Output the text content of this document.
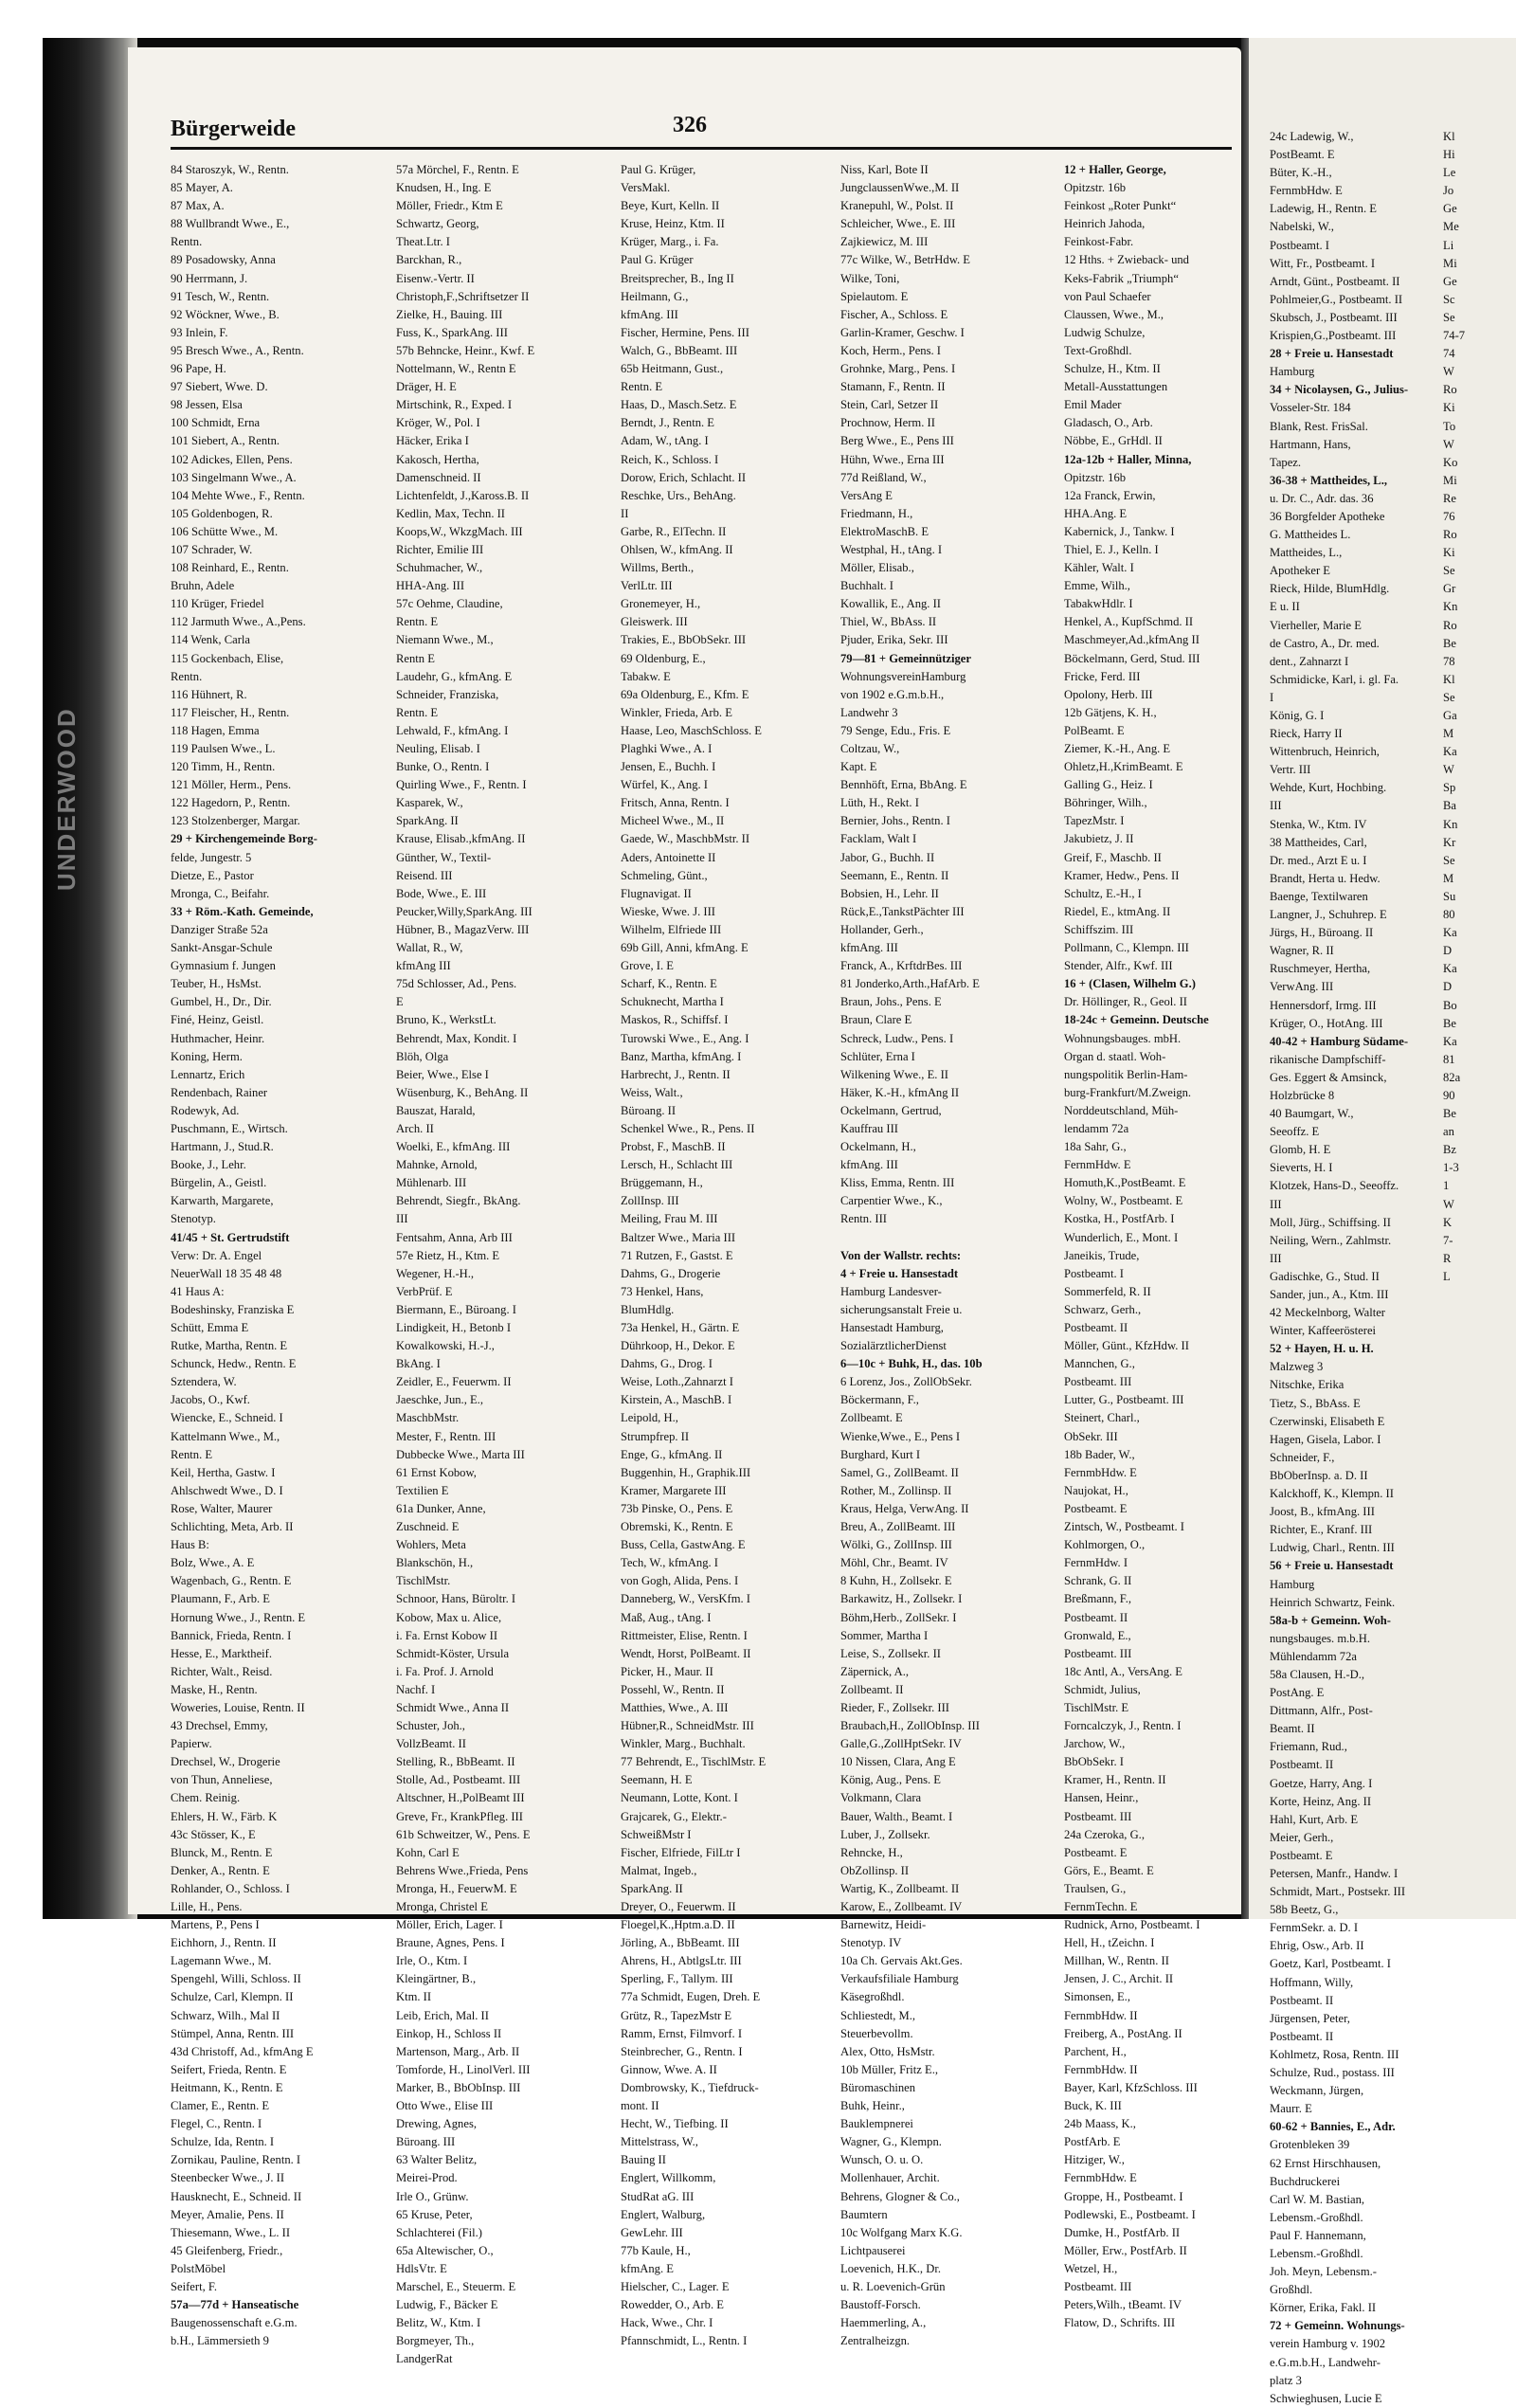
UNDERWOOD
Bürgerweide	326
84 Staroszyk, W., Rentn.
85 Mayer, A.
87 Max, A.
88 Wullbrandt Wwe., E.,
Rentn.
89 Posadowsky, Anna
90 Herrmann, J.
91 Tesch, W., Rentn.
92 Wöckner, Wwe., B.
93 Inlein, F.
95 Bresch Wwe., A., Rentn.
96 Pape, H.
97 Siebert, Wwe. D.
98 Jessen, Elsa
100 Schmidt, Erna
101 Siebert, A., Rentn.
102 Adickes, Ellen, Pens.
103 Singelmann Wwe., A.
104 Mehte Wwe., F., Rentn.
105 Goldenbogen, R.
106 Schütte Wwe., M.
107 Schrader, W.
108 Reinhard, E., Rentn.
Bruhn, Adele
110 Krüger, Friedel
112 Jarmuth Wwe., A.,Pens.
114 Wenk, Carla
115 Gockenbach, Elise,
Rentn.
116 Hühnert, R.
117 Fleischer, H., Rentn.
118 Hagen, Emma
119 Paulsen Wwe., L.
120 Timm, H., Rentn.
121 Möller, Herm., Pens.
122 Hagedorn, P., Rentn.
123 Stolzenberger, Margar.
29 + Kirchengemeinde Borg-
felde, Jungestr. 5
Dietze, E., Pastor
Mronga, C., Beifahr.
33 + Röm.-Kath. Gemeinde,
Danziger Straße 52a
Sankt-Ansgar-Schule
Gymnasium f. Jungen
Teuber, H., HsMst.
Gumbel, H., Dr., Dir.
Finé, Heinz, Geistl.
Huthmacher, Heinr.
Koning, Herm.
Lennartz, Erich
Rendenbach, Rainer
Rodewyk, Ad.
Puschmann, E., Wirtsch.
Hartmann, J., Stud.R.
Booke, J., Lehr.
Bürgelin, A., Geistl.
Karwarth, Margarete,
Stenotyp.
41/45 + St. Gertrudstift
Verw: Dr. A. Engel
NeuerWall 18 35 48 48
41 Haus A:
Bodeshinsky, Franziska E
Schütt, Emma E
Rutke, Martha, Rentn. E
Schunck, Hedw., Rentn. E
Sztendera, W.
Jacobs, O., Kwf.
Wiencke, E., Schneid. I
Kattelmann Wwe., M.,
Rentn. E
Keil, Hertha, Gastw. I
Ahlschwedt Wwe., D. I
Rose, Walter, Maurer
Schlichting, Meta, Arb. II
Haus B:
Bolz, Wwe., A. E
Wagenbach, G., Rentn. E
Plaumann, F., Arb. E
Hornung Wwe., J., Rentn. E
Bannick, Frieda, Rentn. I
Hesse, E., Marktheif.
Richter, Walt., Reisd.
Maske, H., Rentn.
Woweries, Louise, Rentn. II
43 Drechsel, Emmy,
Papierw.
Drechsel, W., Drogerie
von Thun, Anneliese,
Chem. Reinig.
Ehlers, H. W., Färb. K
43c Stösser, K., E
Blunck, M., Rentn. E
Denker, A., Rentn. E
Rohlander, O., Schloss. I
Lille, H., Pens.
Martens, P., Pens I
Eichhorn, J., Rentn. II
Lagemann Wwe., M.
Spengehl, Willi, Schloss. II
Schulze, Carl, Klempn. II
Schwarz, Wilh., Mal II
Stümpel, Anna, Rentn. III
43d Christoff, Ad., kfmAng E
Seifert, Frieda, Rentn. E
Heitmann, K., Rentn. E
Clamer, E., Rentn. E
Flegel, C., Rentn. I
Schulze, Ida, Rentn. I
Zornikau, Pauline, Rentn. I
Steenbecker Wwe., J. II
Hausknecht, E., Schneid. II
Meyer, Amalie, Pens. II
Thiesemann, Wwe., L. II
45 Gleifenberg, Friedr.,
PolstMöbel
Seifert, F.
57a—77d + Hanseatische
Baugenossenschaft e.G.m.
b.H., Lämmersieth 9
57a Mörchel, F., Rentn. E
Knudsen, H., Ing. E
Möller, Friedr., Ktm E
Schwartz, Georg,
Theat.Ltr. I
Barckhan, R.,
Eisenw.-Vertr. II
Christoph,F.,Schriftsetzer II
Zielke, H., Bauing. III
Fuss, K., SparkAng. III
57b Behncke, Heinr., Kwf. E
Nottelmann, W., Rentn E
Dräger, H. E
Mirtschink, R., Exped. I
Kröger, W., Pol. I
Häcker, Erika I
Kakosch, Hertha,
Damenschneid. II
Lichtenfeldt, J.,Kaross.B. II
Kedlin, Max, Techn. II
Koops,W., WkzgMach. III
Richter, Emilie III
Schuhmacher, W.,
HHA-Ang. III
57c Oehme, Claudine,
Rentn. E
Niemann Wwe., M.,
Rentn E
Laudehr, G., kfmAng. E
Schneider, Franziska,
Rentn. E
Lehwald, F., kfmAng. I
Neuling, Elisab. I
Bunke, O., Rentn. I
Quirling Wwe., F., Rentn. I
Kasparek, W.,
SparkAng. II
Krause, Elisab.,kfmAng. II
Günther, W., Textil-
Reisend. III
Bode, Wwe., E. III
Peucker,Willy,SparkAng. III
Hübner, B., MagazVerw. III
Wallat, R., W,
kfmAng III
75d Schlosser, Ad., Pens.
E
Bruno, K., WerkstLt.
Behrendt, Max, Kondit. I
Blöh, Olga
Beier, Wwe., Else I
Wüsenburg, K., BehAng. II
Bauszat, Harald,
Arch. II
Woelki, E., kfmAng. III
Mahnke, Arnold,
Mühlenarb. III
Behrendt, Siegfr., BkAng.
III
Fentsahm, Anna, Arb III
57e Rietz, H., Ktm. E
Wegener, H.-H.,
VerbPrüf. E
Biermann, E., Büroang. I
Lindigkeit, H., Betonb I
Kowalkowski, H.-J.,
BkAng. I
Zeidler, E., Feuerwm. II
Jaeschke, Jun., E.,
MaschbMstr.
Mester, F., Rentn. III
Dubbecke Wwe., Marta III
61 Ernst Kobow,
Textilien E
61a Dunker, Anne,
Zuschneid. E
Wohlers, Meta
Blankschön, H.,
TischlMstr.
Schnoor, Hans, Büroltr. I
Kobow, Max u. Alice,
i. Fa. Ernst Kobow II
Schmidt-Köster, Ursula
i. Fa. Prof. J. Arnold
Nachf. I
Schmidt Wwe., Anna II
Schuster, Joh.,
VollzBeamt. II
Stelling, R., BbBeamt. II
Stolle, Ad., Postbeamt. III
Altschner, H.,PolBeamt III
Greve, Fr., KrankPfleg. III
61b Schweitzer, W., Pens. E
Kohn, Carl E
Behrens Wwe.,Frieda, Pens
Mronga, H., FeuerwM. E
Mronga, Christel E
Möller, Erich, Lager. I
Braune, Agnes, Pens. I
Irle, O., Ktm. I
Kleingärtner, B.,
Ktm. II
Leib, Erich, Mal. II
Einkop, H., Schloss II
Martenson, Marg., Arb. II
Tomforde, H., LinolVerl. III
Marker, B., BbObInsp. III
Otto Wwe., Elise III
Drewing, Agnes,
Büroang. III
63 Walter Belitz,
Meirei-Prod.
Irle O., Grünw.
65 Kruse, Peter,
Schlachterei (Fil.)
65a Altewischer, O.,
HdlsVtr. E
Marschel, E., Steuerm. E
Ludwig, F., Bäcker E
Belitz, W., Ktm. I
Borgmeyer, Th.,
LandgerRat
Paul G. Krüger,
VersMakl.
Beye, Kurt, Kelln. II
Kruse, Heinz, Ktm. II
Krüger, Marg., i. Fa.
Paul G. Krüger
Breitsprecher, B., Ing II
Heilmann, G.,
kfmAng. III
Fischer, Hermine, Pens. III
Walch, G., BbBeamt. III
65b Heitmann, Gust.,
Rentn. E
Haas, D., Masch.Setz. E
Berndt, J., Rentn. E
Adam, W., tAng. I
Reich, K., Schloss. I
Dorow, Erich, Schlacht. II
Reschke, Urs., BehAng.
II
Garbe, R., ElTechn. II
Ohlsen, W., kfmAng. II
Willms, Berth.,
VerlLtr. III
Gronemeyer, H.,
Gleiswerk. III
Trakies, E., BbObSekr. III
69 Oldenburg, E.,
Tabakw. E
69a Oldenburg, E., Kfm. E
Winkler, Frieda, Arb. E
Haase, Leo, MaschSchloss. E
Plaghki Wwe., A. I
Jensen, E., Buchh. I
Würfel, K., Ang. I
Fritsch, Anna, Rentn. I
Micheel Wwe., M., II
Gaede, W., MaschbMstr. II
Aders, Antoinette II
Schmeling, Günt.,
Flugnavigat. II
Wieske, Wwe. J. III
Wilhelm, Elfriede III
69b Gill, Anni, kfmAng. E
Grove, I. E
Scharf, K., Rentn. E
Schuknecht, Martha I
Maskos, R., Schiffsf. I
Turowski Wwe., E., Ang. I
Banz, Martha, kfmAng. I
Harbrecht, J., Rentn. II
Weiss, Walt.,
Büroang. II
Schenkel Wwe., R., Pens. II
Probst, F., MaschB. II
Lersch, H., Schlacht III
Brüggemann, H.,
ZollInsp. III
Meiling, Frau M. III
Baltzer Wwe., Maria III
71 Rutzen, F., Gastst. E
Dahms, G., Drogerie
73 Henkel, Hans,
BlumHdlg.
73a Henkel, H., Gärtn. E
Dührkoop, H., Dekor. E
Dahms, G., Drog. I
Weise, Loth.,Zahnarzt I
Kirstein, A., MaschB. I
Leipold, H.,
Strumpfrep. II
Enge, G., kfmAng. II
Buggenhin, H., Graphik.III
Kramer, Margarete III
73b Pinske, O., Pens. E
Obremski, K., Rentn. E
Buss, Cella, GastwAng. E
Tech, W., kfmAng. I
von Gogh, Alida, Pens. I
Danneberg, W., VersKfm. I
Maß, Aug., tAng. I
Rittmeister, Elise, Rentn. I
Wendt, Horst, PolBeamt. II
Picker, H., Maur. II
Possehl, W., Rentn. II
Matthies, Wwe., A. III
Hübner,R., SchneidMstr. III
Winkler, Marg., Buchhalt.
77 Behrendt, E., TischlMstr. E
Seemann, H. E
Neumann, Lotte, Kont. I
Grajcarek, G., Elektr.-
SchweißMstr I
Fischer, Elfriede, FilLtr I
Malmat, Ingeb.,
SparkAng. II
Dreyer, O., Feuerwm. II
Floegel,K.,Hptm.a.D. II
Jörling, A., BbBeamt. III
Ahrens, H., AbtlgsLtr. III
Sperling, F., Tallym. III
77a Schmidt, Eugen, Dreh. E
Grütz, R., TapezMstr E
Ramm, Ernst, Filmvorf. I
Steinbrecher, G., Rentn. I
Ginnow, Wwe. A. II
Dombrowsky, K., Tiefdruck-
mont. II
Hecht, W., Tiefbing. II
Mittelstrass, W.,
Bauing II
Englert, Willkomm,
StudRat aG. III
Englert, Walburg,
GewLehr. III
77b Kaule, H.,
kfmAng. E
Hielscher, C., Lager. E
Rowedder, O., Arb. E
Hack, Wwe., Chr. I
Pfannschmidt, L., Rentn. I
Niss, Karl, Bote II
JungclaussenWwe.,M. II
Kranepuhl, W., Polst. II
Schleicher, Wwe., E. III
Zajkiewicz, M. III
77c Wilke, W., BetrHdw. E
Wilke, Toni,
Spielautom. E
Fischer, A., Schloss. E
Garlin-Kramer, Geschw. I
Koch, Herm., Pens. I
Grohnke, Marg., Pens. I
Stamann, F., Rentn. II
Stein, Carl, Setzer II
Prochnow, Herm. II
Berg Wwe., E., Pens III
Hühn, Wwe., Erna III
77d Reißland, W.,
VersAng E
Friedmann, H.,
ElektroMaschB. E
Westphal, H., tAng. I
Möller, Elisab.,
Buchhalt. I
Kowallik, E., Ang. II
Thiel, W., BbAss. II
Pjuder, Erika, Sekr. III
79—81 + Gemeinnütziger
WohnungsvereinHamburg
von 1902 e.G.m.b.H.,
Landwehr 3
79 Senge, Edu., Fris. E
Coltzau, W.,
Kapt. E
Bennhöft, Erna, BbAng. E
Lüth, H., Rekt. I
Bernier, Johs., Rentn. I
Facklam, Walt I
Jabor, G., Buchh. II
Seemann, E., Rentn. II
Bobsien, H., Lehr. II
Rück,E.,TankstPächter III
Hollander, Gerh.,
kfmAng. III
Franck, A., KrftdrBes. III
81 Jonderko,Arth.,HafArb. E
Braun, Johs., Pens. E
Braun, Clare E
Schreck, Ludw., Pens. I
Schlüter, Erna I
Wilkening Wwe., E. II
Häker, K.-H., kfmAng II
Ockelmann, Gertrud,
Kauffrau III
Ockelmann, H.,
kfmAng. III
Kliss, Emma, Rentn. III
Carpentier Wwe., K.,
Rentn. III
Von der Wallstr. rechts:
4 + Freie u. Hansestadt
Hamburg Landesver-
sicherungsanstalt Freie u.
Hansestadt Hamburg,
SozialärztlicherDienst
6—10c + Buhk, H., das. 10b
6 Lorenz, Jos., ZollObSekr.
Böckermann, F.,
Zollbeamt. E
Wienke,Wwe., E., Pens I
Burghard, Kurt I
Samel, G., ZollBeamt. II
Rother, M., Zollinsp. II
Kraus, Helga, VerwAng. II
Breu, A., ZollBeamt. III
Wölki, G., ZollInsp. III
Möhl, Chr., Beamt. IV
8 Kuhn, H., Zollsekr. E
Barkawitz, H., Zollsekr. I
Böhm,Herb., ZollSekr. I
Sommer, Martha I
Leise, S., Zollsekr. II
Zäpernick, A.,
Zollbeamt. II
Rieder, F., Zollsekr. III
Braubach,H., ZollObInsp. III
Galle,G.,ZollHptSekr. IV
10 Nissen, Clara, Ang E
König, Aug., Pens. E
Volkmann, Clara
Bauer, Walth., Beamt. I
Luber, J., Zollsekr.
Rehncke, H.,
ObZollinsp. II
Wartig, K., Zollbeamt. II
Karow, E., Zollbeamt. IV
Barnewitz, Heidi-
Stenotyp. IV
10a Ch. Gervais Akt.Ges.
Verkaufsfiliale Hamburg
Käsegroßhdl.
Schliestedt, M.,
Steuerbevollm.
Alex, Otto, HsMstr.
10b Müller, Fritz E.,
Büromaschinen
Buhk, Heinr.,
Bauklempnerei
Wagner, G., Klempn.
Wunsch, O. u. O.
Mollenhauer, Archit.
Behrens, Glogner & Co.,
Baumtern
10c Wolfgang Marx K.G.
Lichtpauserei
Loevenich, H.K., Dr.
u. R. Loevenich-Grün
Baustoff-Forsch.
Haemmerling, A.,
Zentralheizgn.
12 + Haller, George,
Opitzstr. 16b
Feinkost „Roter Punkt“
Heinrich Jahoda,
Feinkost-Fabr.
12 Hths. + Zwieback- und
Keks-Fabrik „Triumph“
von Paul Schaefer
Claussen, Wwe., M.,
Ludwig Schulze,
Text-Großhdl.
Schulze, H., Ktm. II
Metall-Ausstattungen
Emil Mader
Gladasch, O., Arb.
Nöbbe, E., GrHdl. II
12a-12b + Haller, Minna,
Opitzstr. 16b
12a Franck, Erwin,
HHA.Ang. E
Kabernick, J., Tankw. I
Thiel, E. J., Kelln. I
Kähler, Walt. I
Emme, Wilh.,
TabakwHdlr. I
Henkel, A., KupfSchmd. II
Maschmeyer,Ad.,kfmAng II
Böckelmann, Gerd, Stud. III
Fricke, Ferd. III
Opolony, Herb. III
12b Gätjens, K. H.,
PolBeamt. E
Ziemer, K.-H., Ang. E
Ohletz,H.,KrimBeamt. E
Galling G., Heiz. I
Böhringer, Wilh.,
TapezMstr. I
Jakubietz, J. II
Greif, F., Maschb. II
Kramer, Hedw., Pens. II
Schultz, E.-H., I
Riedel, E., ktmAng. II
Schiffszim. III
Pollmann, C., Klempn. III
Stender, Alfr., Kwf. III
16 + (Clasen, Wilhelm G.)
Dr. Höllinger, R., Geol. II
18-24c + Gemeinn. Deutsche
Wohnungsbauges. mbH.
Organ d. staatl. Woh-
nungspolitik Berlin-Ham-
burg-Frankfurt/M.Zweign.
Norddeutschland, Müh-
lendamm 72a
18a Sahr, G.,
FernmHdw. E
Homuth,K.,PostBeamt. E
Wolny, W., Postbeamt. E
Kostka, H., PostfArb. I
Wunderlich, E., Mont. I
Janeikis, Trude,
Postbeamt. I
Sommerfeld, R. II
Schwarz, Gerh.,
Postbeamt. II
Möller, Günt., KfzHdw. II
Mannchen, G.,
Postbeamt. III
Lutter, G., Postbeamt. III
Steinert, Charl.,
ObSekr. III
18b Bader, W.,
FernmbHdw. E
Naujokat, H.,
Postbeamt. E
Zintsch, W., Postbeamt. I
Kohlmorgen, O.,
FernmHdw. I
Schrank, G. II
Breßmann, F.,
Postbeamt. II
Gronwald, E.,
Postbeamt. III
18c Antl, A., VersAng. E
Schmidt, Julius,
TischlMstr. E
Forncalczyk, J., Rentn. I
Jarchow, W.,
BbObSekr. I
Kramer, H., Rentn. II
Hansen, Heinr.,
Postbeamt. III
24a Czeroka, G.,
Postbeamt. E
Görs, E., Beamt. E
Traulsen, G.,
FernmTechn. E
Rudnick, Arno, Postbeamt. I
Hell, H., tZeichn. I
Millhan, W., Rentn. II
Jensen, J. C., Archit. II
Simonsen, E.,
FernmbHdw. II
Freiberg, A., PostAng. II
Parchent, H.,
FernmbHdw. II
Bayer, Karl, KfzSchloss. III
Buck, K. III
24b Maass, K.,
PostfArb. E
Hitziger, W.,
FernmbHdw. E
Groppe, H., Postbeamt. I
Podlewski, E., Postbeamt. I
Dumke, H., PostfArb. II
Möller, Erw., PostfArb. II
Wetzel, H.,
Postbeamt. III
Peters,Wilh., tBeamt. IV
Flatow, D., Schrifts. III
24c Ladewig, W.,
PostBeamt. E
Büter, K.-H.,
FernmbHdw. E
Ladewig, H., Rentn. E
Nabelski, W.,
Postbeamt. I
Witt, Fr., Postbeamt. I
Arndt, Günt., Postbeamt. II
Pohlmeier,G., Postbeamt. II
Skubsch, J., Postbeamt. III
Krispien,G.,Postbeamt. III
28 + Freie u. Hansestadt
Hamburg
34 + Nicolaysen, G., Julius-
Vosseler-Str. 184
Blank, Rest. FrisSal.
Hartmann, Hans,
Tapez.
36-38 + Mattheides, L.,
u. Dr. C., Adr. das. 36
36 Borgfelder Apotheke
G. Mattheides L.
Mattheides, L.,
Apotheker E
Rieck, Hilde, BlumHdlg.
E u. II
Vierheller, Marie E
de Castro, A., Dr. med.
dent., Zahnarzt I
Schmidicke, Karl, i. gl. Fa.
I
König, G. I
Rieck, Harry II
Wittenbruch, Heinrich,
Vertr. III
Wehde, Kurt, Hochbing.
III
Stenka, W., Ktm. IV
38 Mattheides, Carl,
Dr. med., Arzt E u. I
Brandt, Herta u. Hedw.
Baenge, Textilwaren
Langner, J., Schuhrep. E
Jürgs, H., Büroang. II
Wagner, R. II
Ruschmeyer, Hertha,
VerwAng. III
Hennersdorf, Irmg. III
Krüger, O., HotAng. III
40-42 + Hamburg Südame-
rikanische Dampfschiff-
Ges. Eggert & Amsinck,
Holzbrücke 8
40 Baumgart, W.,
Seeoffz. E
Glomb, H. E
Sieverts, H. I
Klotzek, Hans-D., Seeoffz.
III
Moll, Jürg., Schiffsing. II
Neiling, Wern., Zahlmstr.
III
Gadischke, G., Stud. II
Sander, jun., A., Ktm. III
42 Meckelnborg, Walter
Winter, Kaffeerösterei
52 + Hayen, H. u. H.
Malzweg 3
Nitschke, Erika
Tietz, S., BbAss. E
Czerwinski, Elisabeth E
Hagen, Gisela, Labor. I
Schneider, F.,
BbOberInsp. a. D. II
Kalckhoff, K., Klempn. II
Joost, B., kfmAng. III
Richter, E., Kranf. III
Ludwig, Charl., Rentn. III
56 + Freie u. Hansestadt
Hamburg
Heinrich Schwartz, Feink.
58a-b + Gemeinn. Woh-
nungsbauges. m.b.H.
Mühlendamm 72a
58a Clausen, H.-D.,
PostAng. E
Dittmann, Alfr., Post-
Beamt. II
Friemann, Rud.,
Postbeamt. II
Goetze, Harry, Ang. I
Korte, Heinz, Ang. II
Hahl, Kurt, Arb. E
Meier, Gerh.,
Postbeamt. E
Petersen, Manfr., Handw. I
Schmidt, Mart., Postsekr. III
58b Beetz, G.,
FernmSekr. a. D. I
Ehrig, Osw., Arb. II
Goetz, Karl, Postbeamt. I
Hoffmann, Willy,
Postbeamt. II
Jürgensen, Peter,
Postbeamt. II
Kohlmetz, Rosa, Rentn. III
Schulze, Rud., postass. III
Weckmann, Jürgen,
Maurr. E
60-62 + Bannies, E., Adr.
Grotenbleken 39
62 Ernst Hirschhausen,
Buchdruckerei
Carl W. M. Bastian,
Lebensm.-Großhdl.
Paul F. Hannemann,
Lebensm.-Großhdl.
Joh. Meyn, Lebensm.-
Großhdl.
Körner, Erika, Fakl. II
72 + Gemeinn. Wohnungs-
verein Hamburg v. 1902
e.G.m.b.H., Landwehr-
platz 3
Schwieghusen, Lucie E
Kl
Hi
Le
Jo
Ge
Me
Li
Mi
Ge
Sc
Se
74-7
74
W
Ro
Ki
To
W
Ko
Mi
Re
76
Ro
Ki
Se
Gr
Kn
Ro
Be
78
Kl
Se
Ga
M
Ka
W
Sp
Ba
Kn
Kr
Se
M
Su
80
Ka
D
Ka
D
Bo
Be
Ka
81
82a
90
Be
an
Bz
1-3
1
W
K
7-
R
L
